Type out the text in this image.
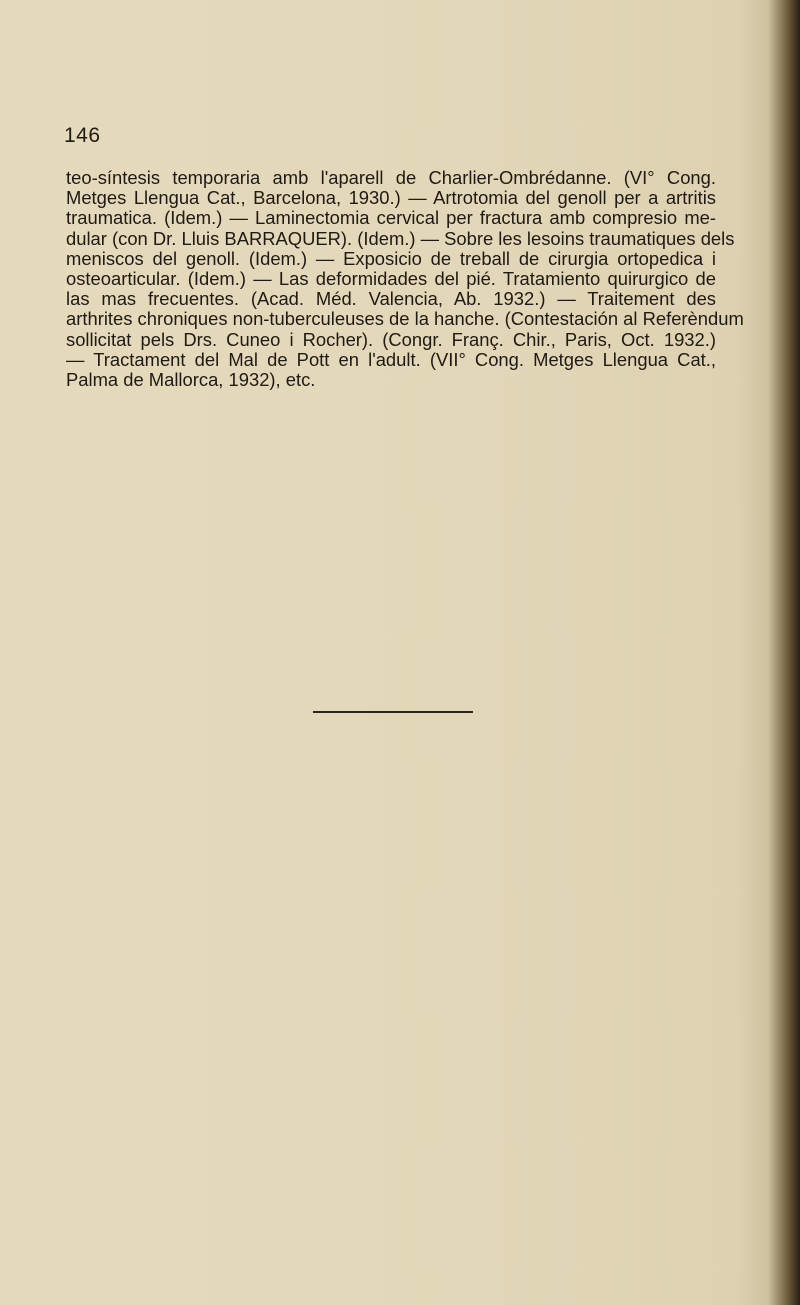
146
teo-síntesis temporaria amb l'aparell de Charlier-Ombrédanne. (VI° Cong.
Metges Llengua Cat., Barcelona, 1930.) — Artrotomia del genoll per a artritis
traumatica. (Idem.) — Laminectomia cervical per fractura amb compresio me-
dular (con Dr. Lluis BARRAQUER). (Idem.) — Sobre les lesoins traumatiques dels
meniscos del genoll. (Idem.) — Exposicio de treball de cirurgia ortopedica i
osteoarticular. (Idem.) — Las deformidades del pié. Tratamiento quirurgico de
las mas frecuentes. (Acad. Méd. Valencia, Ab. 1932.) — Traitement des
arthrites chroniques non-tuberculeuses de la hanche. (Contestación al Referèndum
sollicitat pels Drs. Cuneo i Rocher). (Congr. Franç. Chir., Paris, Oct. 1932.)
— Tractament del Mal de Pott en l'adult. (VII° Cong. Metges Llengua Cat.,
Palma de Mallorca, 1932), etc.
